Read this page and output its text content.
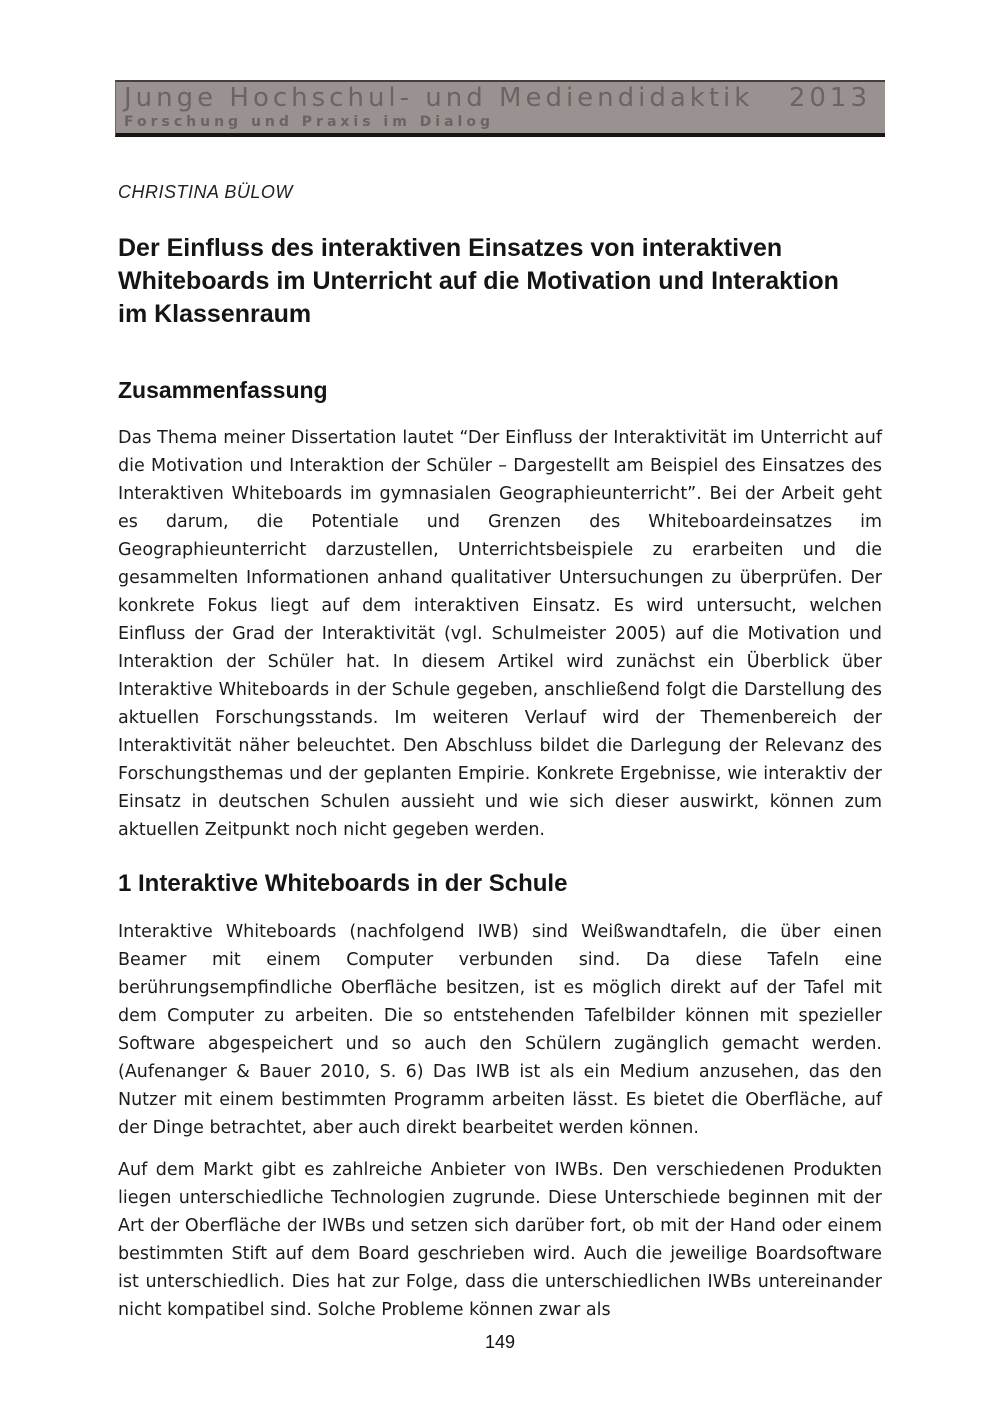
Junge Hochschul- und Mediendidaktik 2013
Forschung und Praxis im Dialog
CHRISTINA BÜLOW
Der Einfluss des interaktiven Einsatzes von interaktiven Whiteboards im Unterricht auf die Motivation und Interaktion im Klassenraum
Zusammenfassung

Das Thema meiner Dissertation lautet “Der Einfluss der Interaktivität im Unterricht auf die Motivation und Interaktion der Schüler – Dargestellt am Beispiel des Einsatzes des Interaktiven Whiteboards im gymnasialen Geographieunterricht”. Bei der Arbeit geht es darum, die Potentiale und Grenzen des Whiteboardeinsatzes im Geographieunterricht darzustellen, Unterrichtsbeispiele zu erarbeiten und die gesammelten Informationen anhand qualitativer Untersuchungen zu überprüfen. Der konkrete Fokus liegt auf dem interaktiven Einsatz. Es wird untersucht, welchen Einfluss der Grad der Interaktivität (vgl. Schulmeister 2005) auf die Motivation und Interaktion der Schüler hat. In diesem Artikel wird zunächst ein Überblick über Interaktive Whiteboards in der Schule gegeben, anschließend folgt die Darstellung des aktuellen Forschungsstands. Im weiteren Verlauf wird der Themenbereich der Interaktivität näher beleuchtet. Den Abschluss bildet die Darlegung der Relevanz des Forschungsthemas und der geplanten Empirie. Konkrete Ergebnisse, wie interaktiv der Einsatz in deutschen Schulen aussieht und wie sich dieser auswirkt, können zum aktuellen Zeitpunkt noch nicht gegeben werden.

1 Interaktive Whiteboards in der Schule

Interaktive Whiteboards (nachfolgend IWB) sind Weißwandtafeln, die über einen Beamer mit einem Computer verbunden sind. Da diese Tafeln eine berührungsempfindliche Oberfläche besitzen, ist es möglich direkt auf der Tafel mit dem Computer zu arbeiten. Die so entstehenden Tafelbilder können mit spezieller Software abgespeichert und so auch den Schülern zugänglich gemacht werden. (Aufenanger & Bauer 2010, S. 6) Das IWB ist als ein Medium anzusehen, das den Nutzer mit einem bestimmten Programm arbeiten lässt. Es bietet die Oberfläche, auf der Dinge betrachtet, aber auch direkt bearbeitet werden können.

Auf dem Markt gibt es zahlreiche Anbieter von IWBs. Den verschiedenen Produkten liegen unterschiedliche Technologien zugrunde. Diese Unterschiede beginnen mit der Art der Oberfläche der IWBs und setzen sich darüber fort, ob mit der Hand oder einem bestimmten Stift auf dem Board geschrieben wird. Auch die jeweilige Boardsoftware ist unterschiedlich. Dies hat zur Folge, dass die unterschiedlichen IWBs untereinander nicht kompatibel sind. Solche Probleme können zwar als

149
